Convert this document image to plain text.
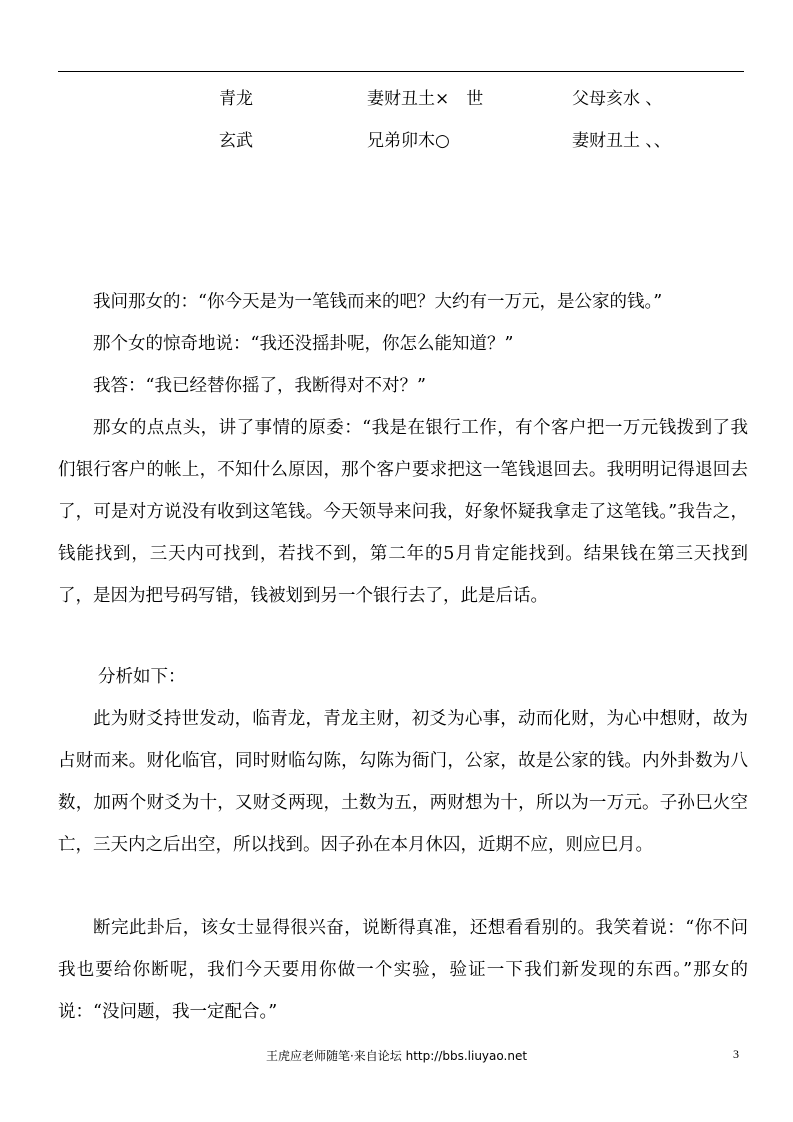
青龙	妻财丑土×　世	父母亥水 、
玄武	兄弟卯木○	妻财丑土 、、

我问那女的：“你今天是为一笔钱而来的吧？大约有一万元，是公家的钱。”

那个女的惊奇地说：“我还没摇卦呢，你怎么能知道？”

我答：“我已经替你摇了，我断得对不对？”

那女的点点头，讲了事情的原委：“我是在银行工作，有个客户把一万元钱拨到了我们银行客户的帐上，不知什么原因，那个客户要求把这一笔钱退回去。我明明记得退回去了，可是对方说没有收到这笔钱。今天领导来问我，好象怀疑我拿走了这笔钱。”我告之，钱能找到，三天内可找到，若找不到，第二年的5月肯定能找到。结果钱在第三天找到了，是因为把号码写错，钱被划到另一个银行去了，此是后话。

分析如下：

此为财爻持世发动，临青龙，青龙主财，初爻为心事，动而化财，为心中想财，故为占财而来。财化临官，同时财临勾陈，勾陈为衙门，公家，故是公家的钱。内外卦数为八数，加两个财爻为十，又财爻两现，土数为五，两财想为十，所以为一万元。子孙巳火空亡，三天内之后出空，所以找到。因子孙在本月休囚，近期不应，则应巳月。

断完此卦后，该女士显得很兴奋，说断得真准，还想看看别的。我笑着说：“你不问我也要给你断呢，我们今天要用你做一个实验，验证一下我们新发现的东西。”那女的说：“没问题，我一定配合。”

王虎应老师随笔·来自论坛 http://bbs.liuyao.net	3
